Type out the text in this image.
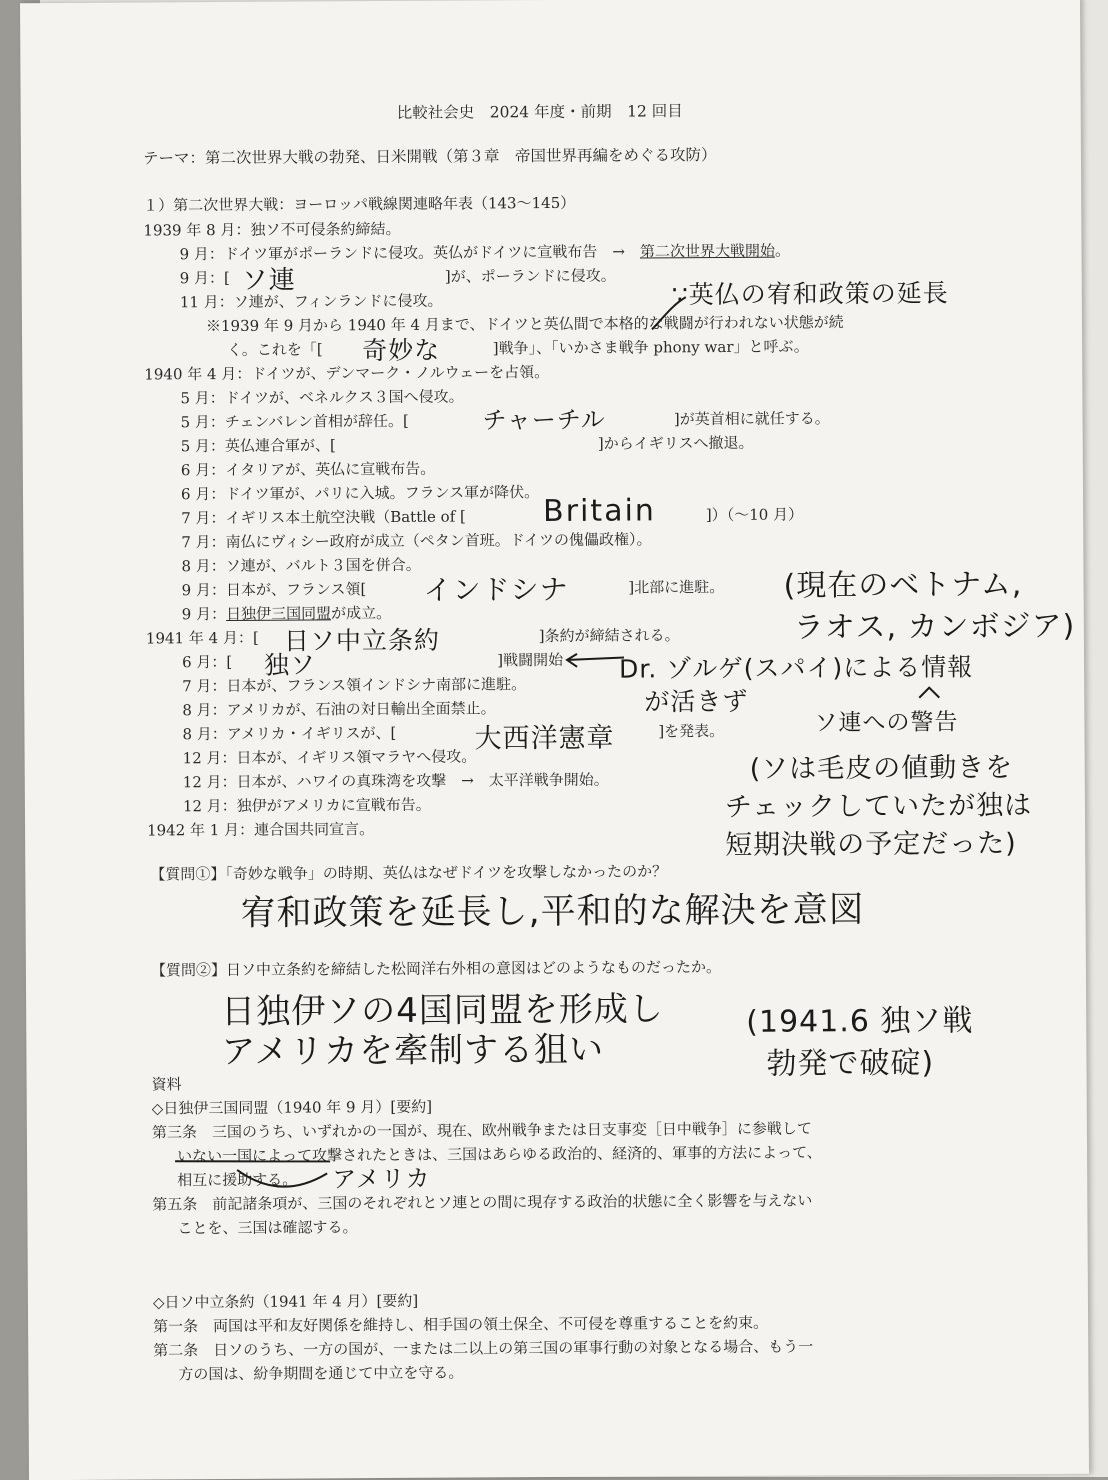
比較社会史　2024 年度・前期　12 回目
テーマ：第二次世界大戦の勃発、日米開戦（第３章　帝国世界再編をめぐる攻防）
１）第二次世界大戦：ヨーロッパ戦線関連略年表（143〜145）
1939 年 8 月：独ソ不可侵条約締結。
9 月：ドイツ軍がポーランドに侵攻。英仏がドイツに宣戦布告　→　第二次世界大戦開始。
9 月：[	]が、ポーランドに侵攻。
11 月：ソ連が、フィンランドに侵攻。
※1939 年 9 月から 1940 年 4 月まで、ドイツと英仏間で本格的な戦闘が行われない状態が続
く。これを「[	]戦争」、「いかさま戦争 phony war」と呼ぶ。
1940 年 4 月：ドイツが、デンマーク・ノルウェーを占領。
5 月：ドイツが、ベネルクス３国へ侵攻。
5 月：チェンバレン首相が辞任。[	]が英首相に就任する。
5 月：英仏連合軍が、[	]からイギリスへ撤退。
6 月：イタリアが、英仏に宣戦布告。
6 月：ドイツ軍が、パリに入城。フランス軍が降伏。
7 月：イギリス本土航空決戦（Battle of [	]）（〜10 月）
7 月：南仏にヴィシー政府が成立（ペタン首班。ドイツの傀儡政権）。
8 月：ソ連が、バルト３国を併合。
9 月：日本が、フランス領[	]北部に進駐。
9 月：日独伊三国同盟が成立。
1941 年 4 月：[	]条約が締結される。
6 月：[	]戦闘開始
7 月：日本が、フランス領インドシナ南部に進駐。
8 月：アメリカが、石油の対日輸出全面禁止。
8 月：アメリカ・イギリスが、[	]を発表。
12 月：日本が、イギリス領マラヤへ侵攻。
12 月：日本が、ハワイの真珠湾を攻撃　→　太平洋戦争開始。
12 月：独伊がアメリカに宣戦布告。
1942 年 1 月：連合国共同宣言。
【質問①】「奇妙な戦争」の時期、英仏はなぜドイツを攻撃しなかったのか？
【質問②】日ソ中立条約を締結した松岡洋右外相の意図はどのようなものだったか。
資料
◇日独伊三国同盟（1940 年 9 月）[要約]
第三条　三国のうち、いずれかの一国が、現在、欧州戦争または日支事変［日中戦争］に参戦して
いない一国によって攻撃されたときは、三国はあらゆる政治的、経済的、軍事的方法によって、
相互に援助する。
第五条　前記諸条項が、三国のそれぞれとソ連との間に現存する政治的状態に全く影響を与えない
ことを、三国は確認する。
◇日ソ中立条約（1941 年 4 月）[要約]
第一条　両国は平和友好関係を維持し、相手国の領土保全、不可侵を尊重することを約束。
第二条　日ソのうち、一方の国が、一または二以上の第三国の軍事行動の対象となる場合、もう一
方の国は、紛争期間を通じて中立を守る。
ソ連	∵英仏の宥和政策の延長
奇妙な
チャーチル
Britain
インドシナ	(現在のベトナム,
ラオス, カンボジア)
日ソ中立条約
独ソ	Dr. ゾルゲ(スパイ)による情報
が活きず
大西洋憲章	ソ連への警告
(ソは毛皮の値動きを
チェックしていたが独は
短期決戦の予定だった)
宥和政策を延長し,平和的な解決を意図
日独伊ソの4国同盟を形成し
アメリカを牽制する狙い
(1941.6 独ソ戦
勃発で破碇)
アメリカ
